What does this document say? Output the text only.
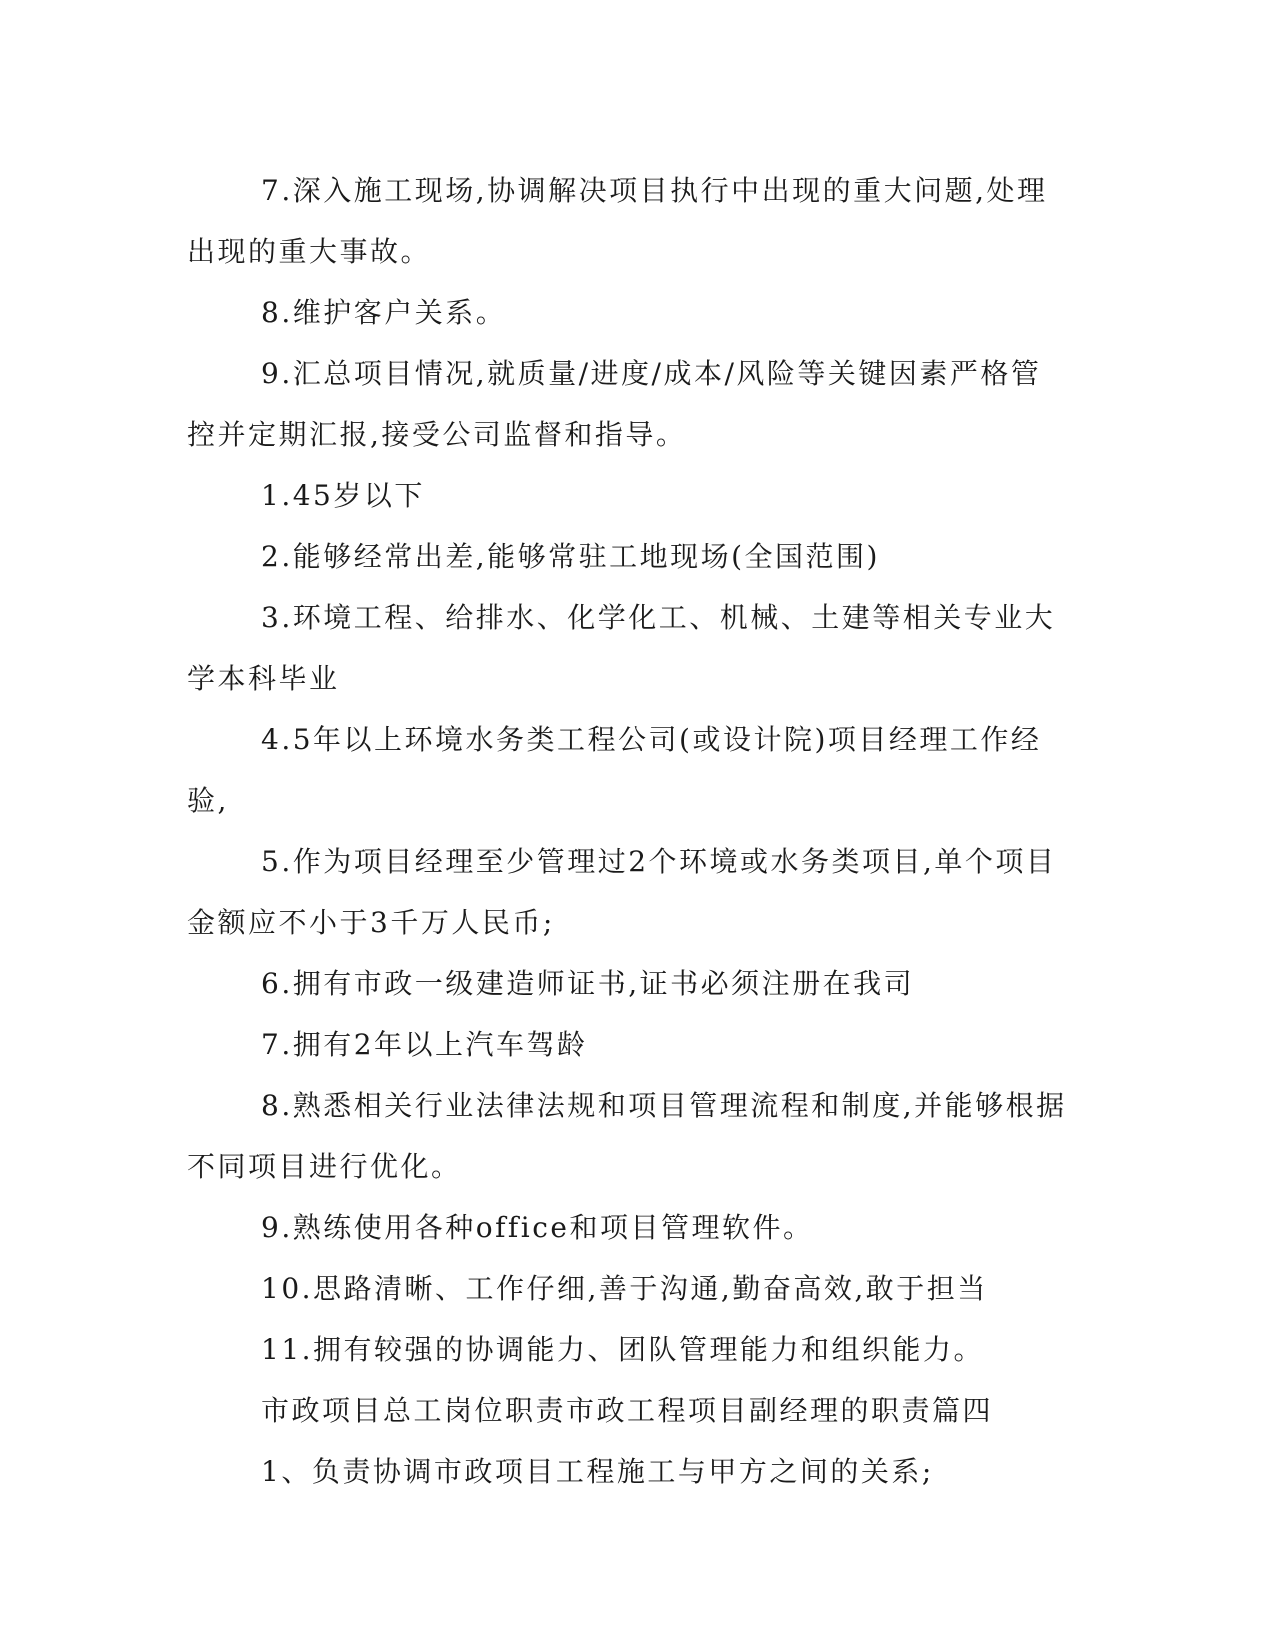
7.深入施工现场,协调解决项目执行中出现的重大问题,处理出现的重大事故。

8.维护客户关系。

9.汇总项目情况,就质量/进度/成本/风险等关键因素严格管控并定期汇报,接受公司监督和指导。

1.45岁以下

2.能够经常出差,能够常驻工地现场(全国范围)

3.环境工程、给排水、化学化工、机械、土建等相关专业大学本科毕业

4.5年以上环境水务类工程公司(或设计院)项目经理工作经验,

5.作为项目经理至少管理过2个环境或水务类项目,单个项目金额应不小于3千万人民币;

6.拥有市政一级建造师证书,证书必须注册在我司

7.拥有2年以上汽车驾龄

8.熟悉相关行业法律法规和项目管理流程和制度,并能够根据不同项目进行优化。

9.熟练使用各种office和项目管理软件。

10.思路清晰、工作仔细,善于沟通,勤奋高效,敢于担当

11.拥有较强的协调能力、团队管理能力和组织能力。

市政项目总工岗位职责市政工程项目副经理的职责篇四

1、负责协调市政项目工程施工与甲方之间的关系;
